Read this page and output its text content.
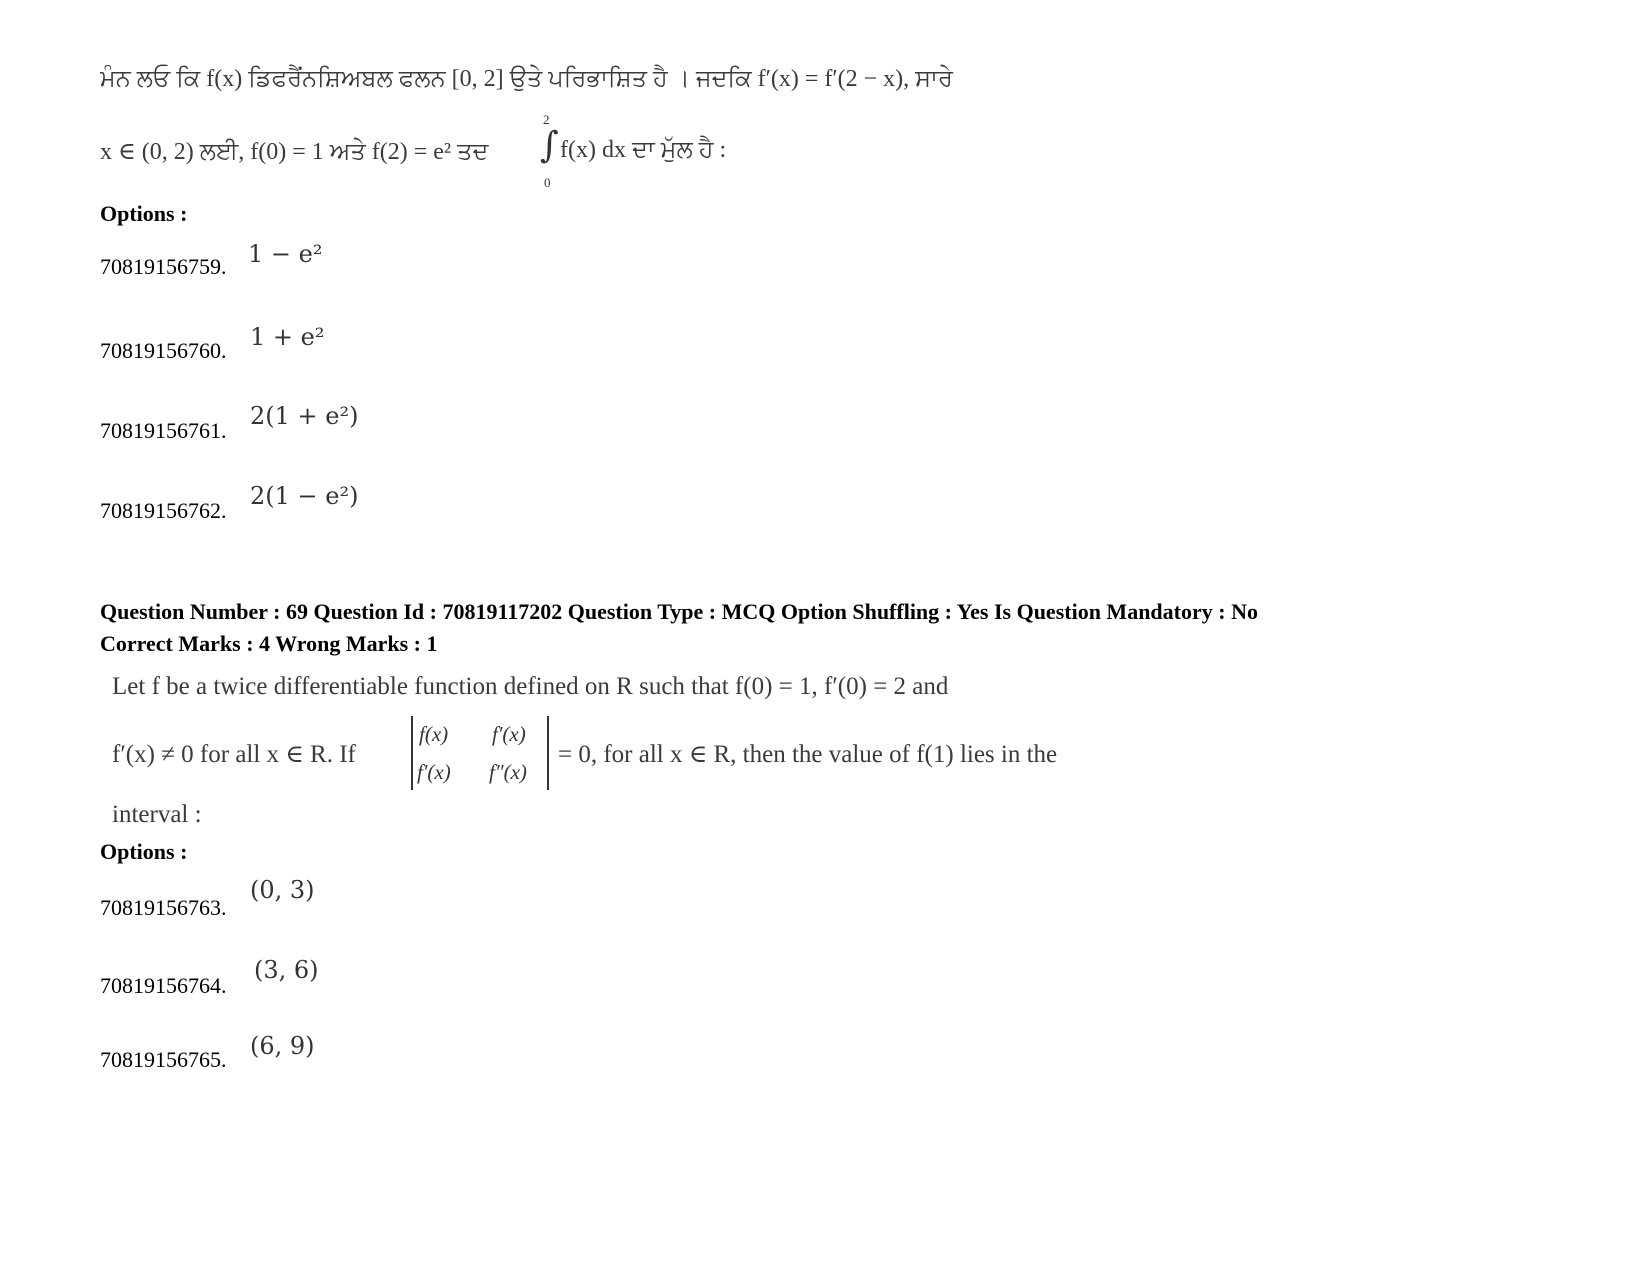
ਮੰਨ ਲਓ ਕਿ f(x) ਡਿਫਰੈਂਨਸ਼ਿਅਬਲ ਫਲਨ [0, 2] ਉਤੇ ਪਰਿਭਾਸ਼ਿਤ ਹੈ । ਜਦਕਿ f′(x) = f′(2 − x), ਸਾਰੇ
x ∈ (0, 2) ਲਈ, f(0) = 1 ਅਤੇ f(2) = e² ਤਦ
2
∫
0
f(x) dx ਦਾ ਮੁੱਲ ਹੈ :
Options :
70819156759. 1 − e²
70819156760. 1 + e²
70819156761.
2(1 + e²)
70819156762.
2(1 − e²)
Question Number : 69 Question Id : 70819117202 Question Type : MCQ Option Shuffling : Yes Is Question Mandatory : No
Correct Marks : 4 Wrong Marks : 1
Let f be a twice differentiable function defined on R such that f(0) = 1, f′(0) = 2 and
f′(x) ≠ 0 for all x ∈ R. If
f(x) f′(x)
f′(x) f″(x)
= 0, for all x ∈ R, then the value of f(1) lies in the
interval :
Options :
70819156763.
(0, 3)
70819156764.
(3, 6)
70819156765. (6, 9)
